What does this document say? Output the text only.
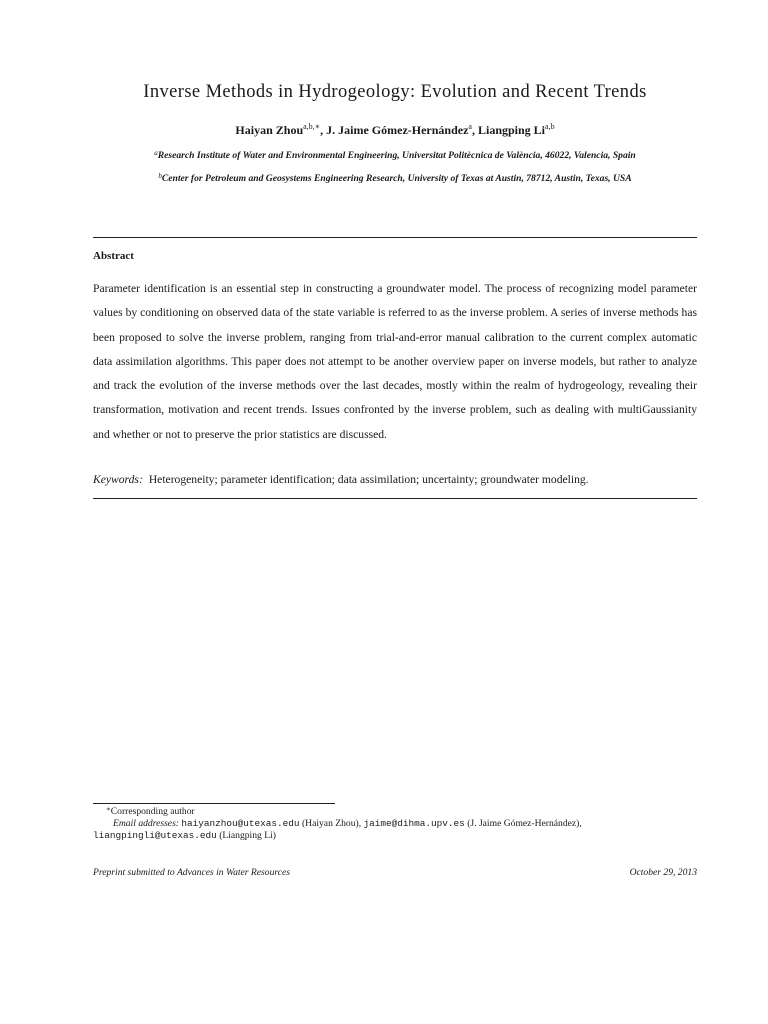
Inverse Methods in Hydrogeology: Evolution and Recent Trends
Haiyan Zhou$^{a,b,∗}$, J. Jaime Gómez-Hernández$^a$, Liangping Li$^{a,b}$
$^a$Research Institute of Water and Environmental Engineering, Universitat Politècnica de València, 46022, Valencia, Spain
$^b$Center for Petroleum and Geosystems Engineering Research, University of Texas at Austin, 78712, Austin, Texas, USA
Abstract
Parameter identification is an essential step in constructing a groundwater model. The process of recognizing model parameter values by conditioning on observed data of the state variable is referred to as the inverse problem. A series of inverse methods has been proposed to solve the inverse problem, ranging from trial-and-error manual calibration to the current complex automatic data assimilation algorithms. This paper does not attempt to be another overview paper on inverse models, but rather to analyze and track the evolution of the inverse methods over the last decades, mostly within the realm of hydrogeology, revealing their transformation, motivation and recent trends. Issues confronted by the inverse problem, such as dealing with multiGaussianity and whether or not to preserve the prior statistics are discussed.
Keywords: Heterogeneity; parameter identification; data assimilation; uncertainty; groundwater modeling.
∗Corresponding author
Email addresses: haiyanzhou@utexas.edu (Haiyan Zhou), jaime@dihma.upv.es (J. Jaime Gómez-Hernández),
liangpingli@utexas.edu (Liangping Li)
Preprint submitted to Advances in Water Resources	October 29, 2013
